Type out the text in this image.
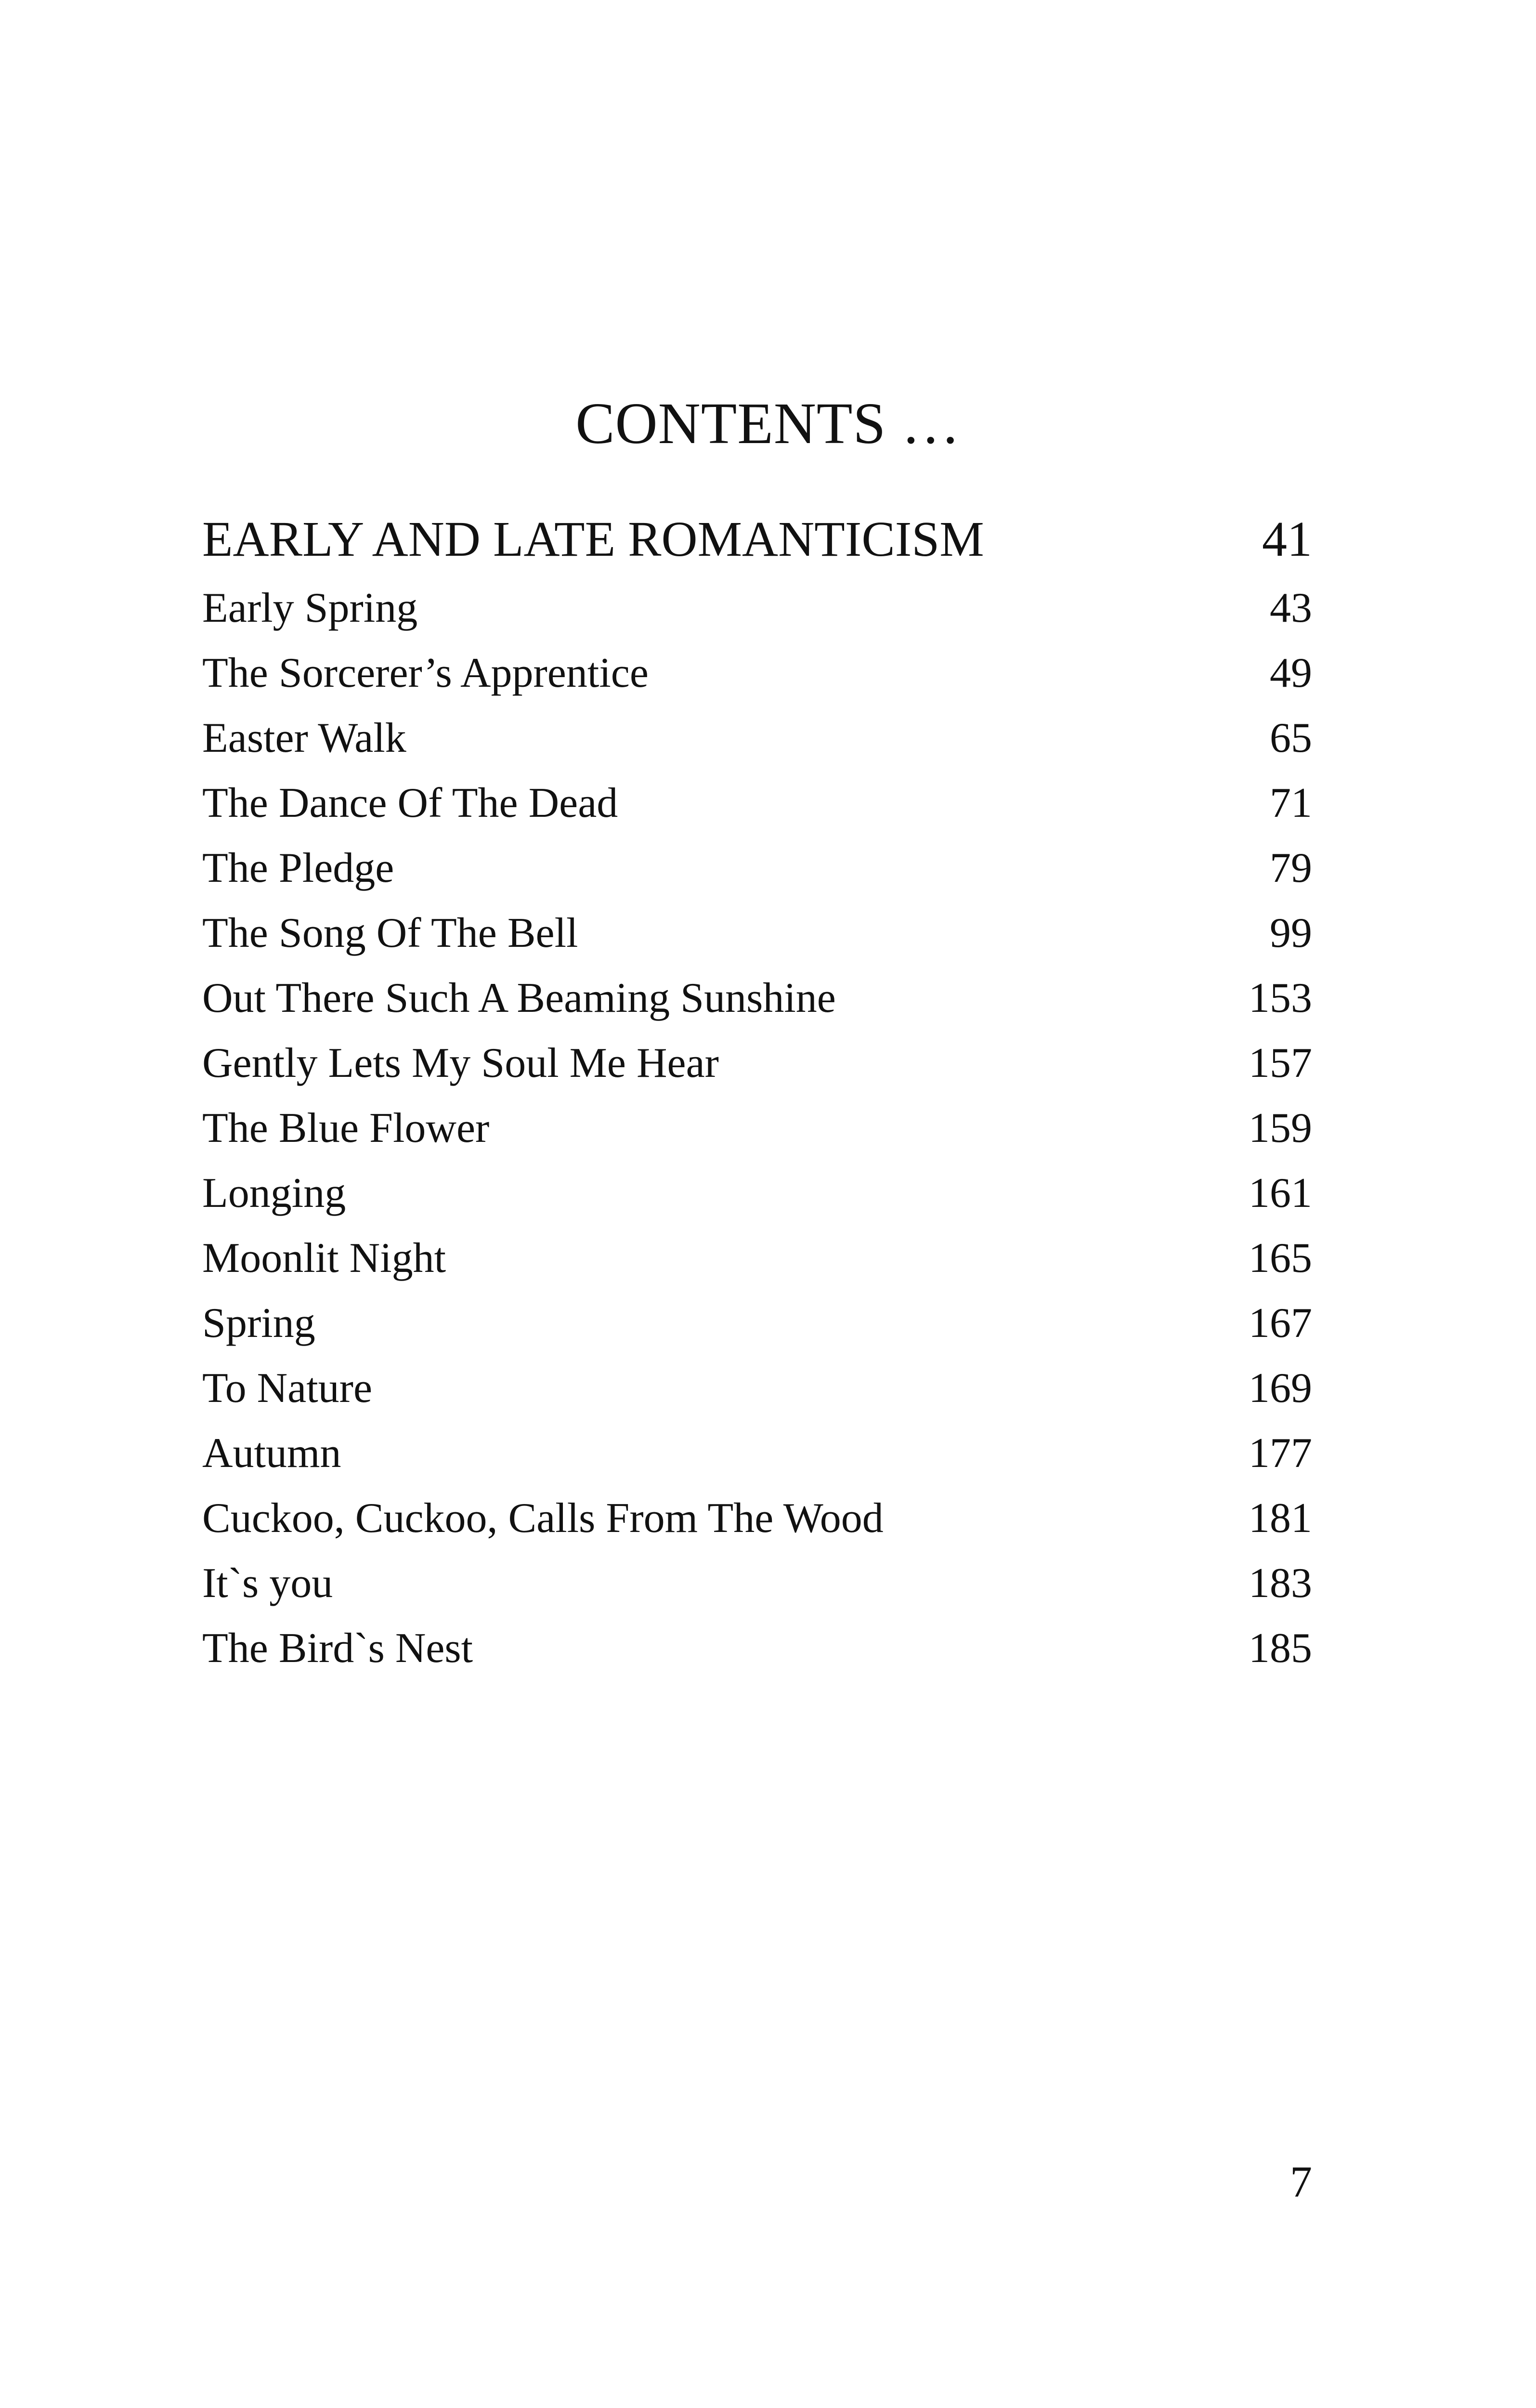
CONTENTS …
EARLY AND LATE ROMANTICISM	41
Early Spring	43
The Sorcerer’s Apprentice	49
Easter Walk	65
The Dance Of The Dead	71
The Pledge	79
The Song Of The Bell	99
Out There Such A Beaming Sunshine	153
Gently Lets My Soul Me Hear	157
The Blue Flower	159
Longing	161
Moonlit Night	165
Spring	167
To Nature	169
Autumn	177
Cuckoo, Cuckoo, Calls From The Wood	181
It`s you	183
The Bird`s Nest	185
7
